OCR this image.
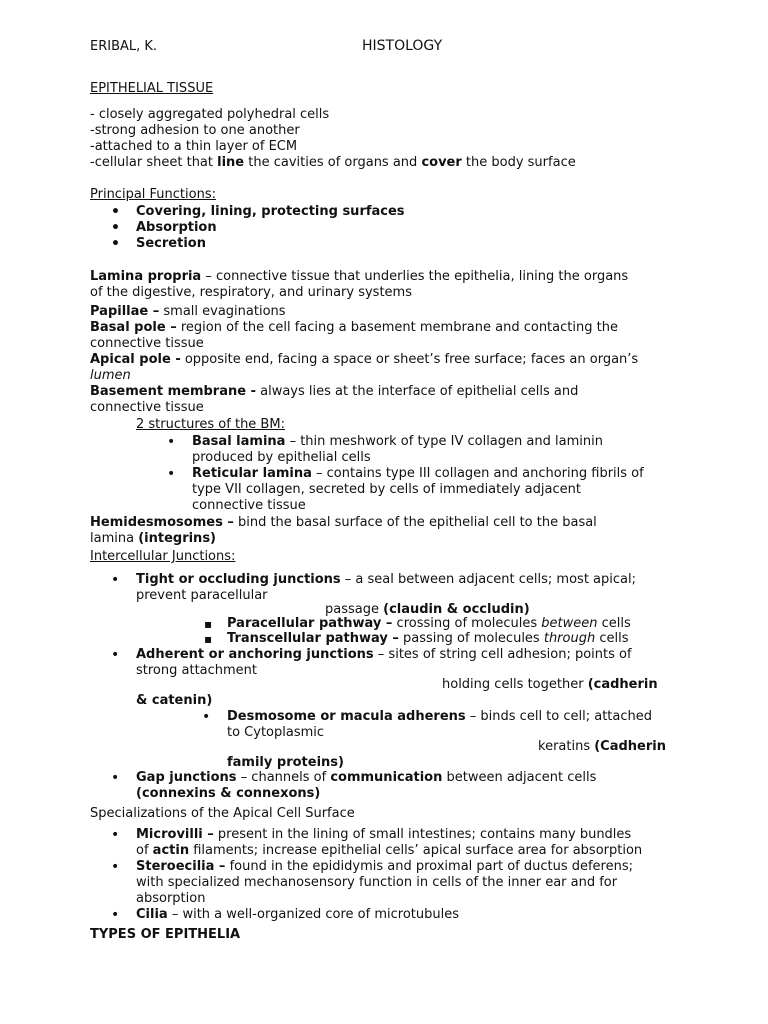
ERIBAL, K.	HISTOLOGY
EPITHELIAL TISSUE
- closely aggregated polyhedral cells
-strong adhesion to one another
-attached to a thin layer of ECM
-cellular sheet that line the cavities of organs and cover the body surface
Principal Functions:
• Covering, lining, protecting surfaces
• Absorption
• Secretion
Lamina propria – connective tissue that underlies the epithelia, lining the organs
of the digestive, respiratory, and urinary systems
Papillae – small evaginations
Basal pole – region of the cell facing a basement membrane and contacting the
connective tissue
Apical pole - opposite end, facing a space or sheet’s free surface; faces an organ’s
lumen
Basement membrane - always lies at the interface of epithelial cells and
connective tissue
2 structures of the BM:
• Basal lamina – thin meshwork of type IV collagen and laminin
produced by epithelial cells
• Reticular lamina – contains type III collagen and anchoring fibrils of
type VII collagen, secreted by cells of immediately adjacent
connective tissue
Hemidesmosomes – bind the basal surface of the epithelial cell to the basal
lamina (integrins)
Intercellular Junctions:
• Tight or occluding junctions – a seal between adjacent cells; most apical;
prevent paracellular
passage (claudin & occludin)
▪ Paracellular pathway – crossing of molecules between cells
▪ Transcellular pathway – passing of molecules through cells
• Adherent or anchoring junctions – sites of string cell adhesion; points of
strong attachment
holding cells together (cadherin
& catenin)
• Desmosome or macula adherens – binds cell to cell; attached
to Cytoplasmic
keratins (Cadherin
family proteins)
• Gap junctions – channels of communication between adjacent cells
(connexins & connexons)
Specializations of the Apical Cell Surface
• Microvilli – present in the lining of small intestines; contains many bundles
of actin filaments; increase epithelial cells’ apical surface area for absorption
• Steroecilia – found in the epididymis and proximal part of ductus deferens;
with specialized mechanosensory function in cells of the inner ear and for
absorption
• Cilia – with a well-organized core of microtubules
TYPES OF EPITHELIA
